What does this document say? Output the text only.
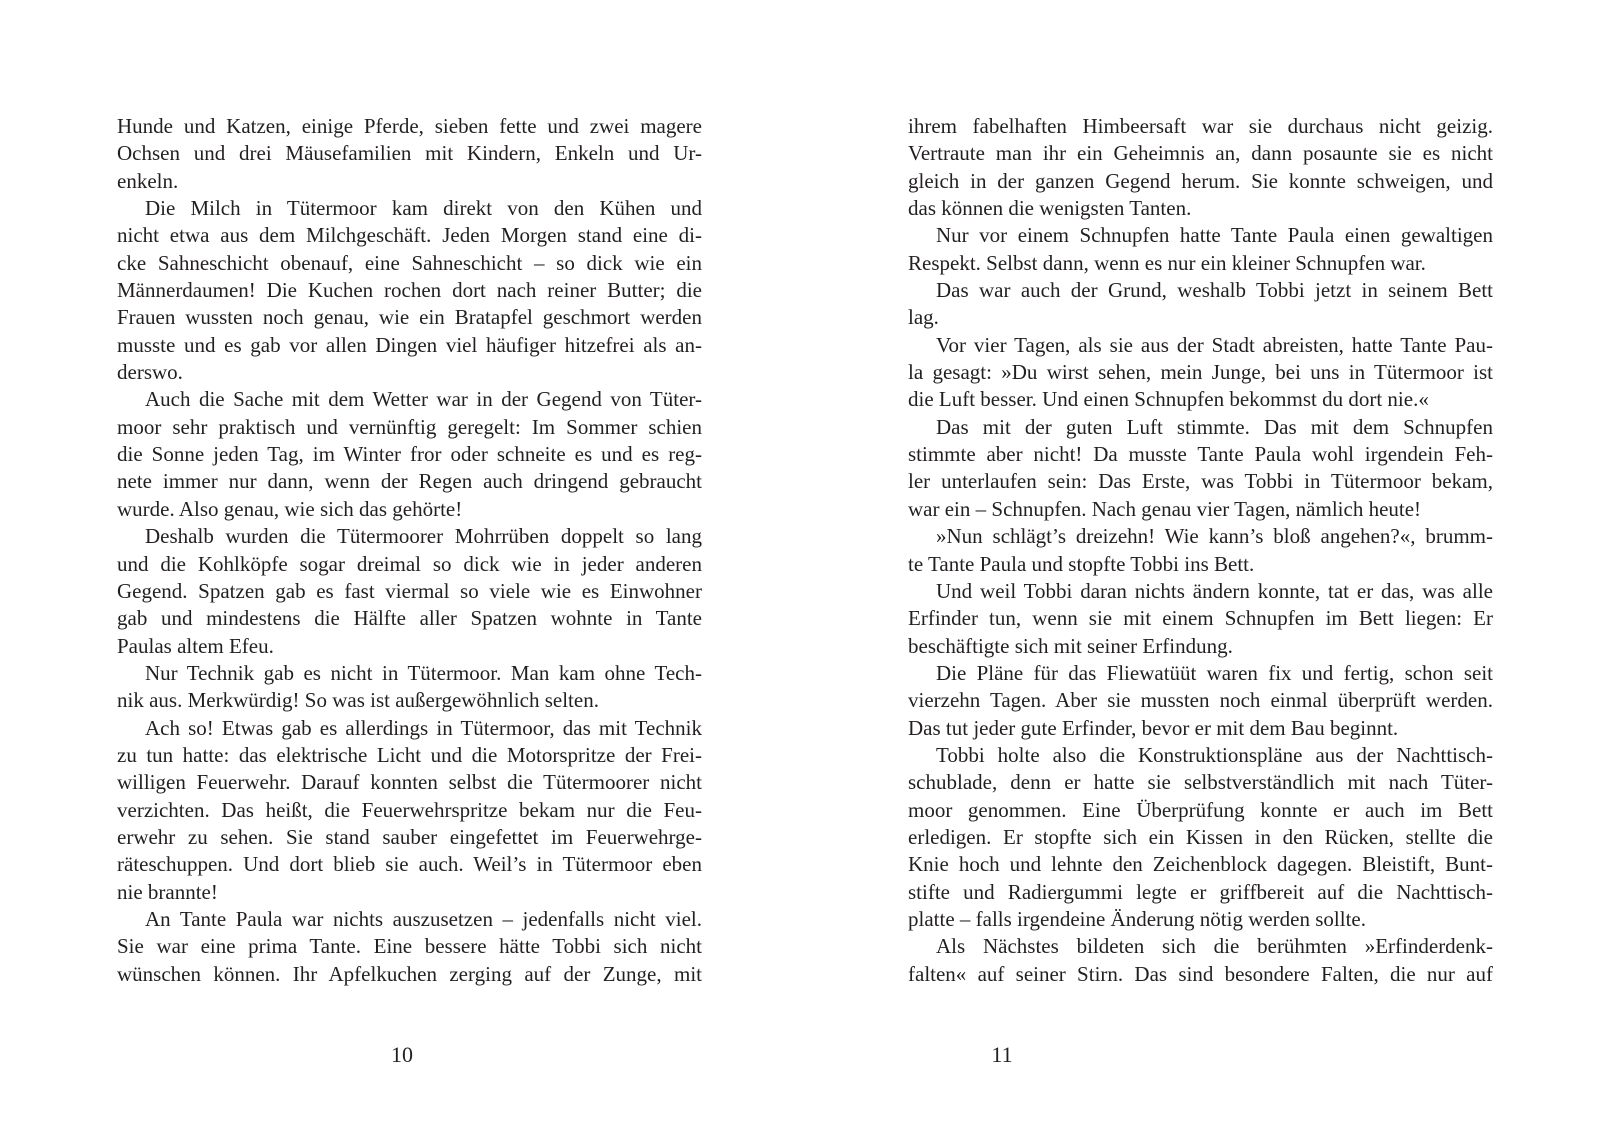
Hunde und Katzen, einige Pferde, sieben fette und zwei magere
Ochsen und drei Mäusefamilien mit Kindern, Enkeln und Ur-
enkeln.
Die Milch in Tütermoor kam direkt von den Kühen und
nicht etwa aus dem Milchgeschäft. Jeden Morgen stand eine di-
cke Sahneschicht obenauf, eine Sahneschicht – so dick wie ein
Männerdaumen! Die Kuchen rochen dort nach reiner Butter; die
Frauen wussten noch genau, wie ein Bratapfel geschmort werden
musste und es gab vor allen Dingen viel häufiger hitzefrei als an-
derswo.
Auch die Sache mit dem Wetter war in der Gegend von Tüter-
moor sehr praktisch und vernünftig geregelt: Im Sommer schien
die Sonne jeden Tag, im Winter fror oder schneite es und es reg-
nete immer nur dann, wenn der Regen auch dringend gebraucht
wurde. Also genau, wie sich das gehörte!
Deshalb wurden die Tütermoorer Mohrrüben doppelt so lang
und die Kohlköpfe sogar dreimal so dick wie in jeder anderen
Gegend. Spatzen gab es fast viermal so viele wie es Einwohner
gab und mindestens die Hälfte aller Spatzen wohnte in Tante
Paulas altem Efeu.
Nur Technik gab es nicht in Tütermoor. Man kam ohne Tech-
nik aus. Merkwürdig! So was ist außergewöhnlich selten.
Ach so! Etwas gab es allerdings in Tütermoor, das mit Technik
zu tun hatte: das elektrische Licht und die Motorspritze der Frei-
willigen Feuerwehr. Darauf konnten selbst die Tütermoorer nicht
verzichten. Das heißt, die Feuerwehrspritze bekam nur die Feu-
erwehr zu sehen. Sie stand sauber eingefettet im Feuerwehrge-
räteschuppen. Und dort blieb sie auch. Weil’s in Tütermoor eben
nie brannte!
An Tante Paula war nichts auszusetzen – jedenfalls nicht viel.
Sie war eine prima Tante. Eine bessere hätte Tobbi sich nicht
wünschen können. Ihr Apfelkuchen zerging auf der Zunge, mit
10
ihrem fabelhaften Himbeersaft war sie durchaus nicht geizig.
Vertraute man ihr ein Geheimnis an, dann posaunte sie es nicht
gleich in der ganzen Gegend herum. Sie konnte schweigen, und
das können die wenigsten Tanten.
Nur vor einem Schnupfen hatte Tante Paula einen gewaltigen
Respekt. Selbst dann, wenn es nur ein kleiner Schnupfen war.
Das war auch der Grund, weshalb Tobbi jetzt in seinem Bett
lag.
Vor vier Tagen, als sie aus der Stadt abreisten, hatte Tante Pau-
la gesagt: »Du wirst sehen, mein Junge, bei uns in Tütermoor ist
die Luft besser. Und einen Schnupfen bekommst du dort nie.«
Das mit der guten Luft stimmte. Das mit dem Schnupfen
stimmte aber nicht! Da musste Tante Paula wohl irgendein Feh-
ler unterlaufen sein: Das Erste, was Tobbi in Tütermoor bekam,
war ein – Schnupfen. Nach genau vier Tagen, nämlich heute!
»Nun schlägt’s dreizehn! Wie kann’s bloß angehen?«, brumm-
te Tante Paula und stopfte Tobbi ins Bett.
Und weil Tobbi daran nichts ändern konnte, tat er das, was alle
Erfinder tun, wenn sie mit einem Schnupfen im Bett liegen: Er
beschäftigte sich mit seiner Erfindung.
Die Pläne für das Fliewatüüt waren fix und fertig, schon seit
vierzehn Tagen. Aber sie mussten noch einmal überprüft werden.
Das tut jeder gute Erfinder, bevor er mit dem Bau beginnt.
Tobbi holte also die Konstruktionspläne aus der Nachttisch-
schublade, denn er hatte sie selbstverständlich mit nach Tüter-
moor genommen. Eine Überprüfung konnte er auch im Bett
erledigen. Er stopfte sich ein Kissen in den Rücken, stellte die
Knie hoch und lehnte den Zeichenblock dagegen. Bleistift, Bunt-
stifte und Radiergummi legte er griffbereit auf die Nachttisch-
platte – falls irgendeine Änderung nötig werden sollte.
Als Nächstes bildeten sich die berühmten »Erfinderdenk-
falten« auf seiner Stirn. Das sind besondere Falten, die nur auf
11
